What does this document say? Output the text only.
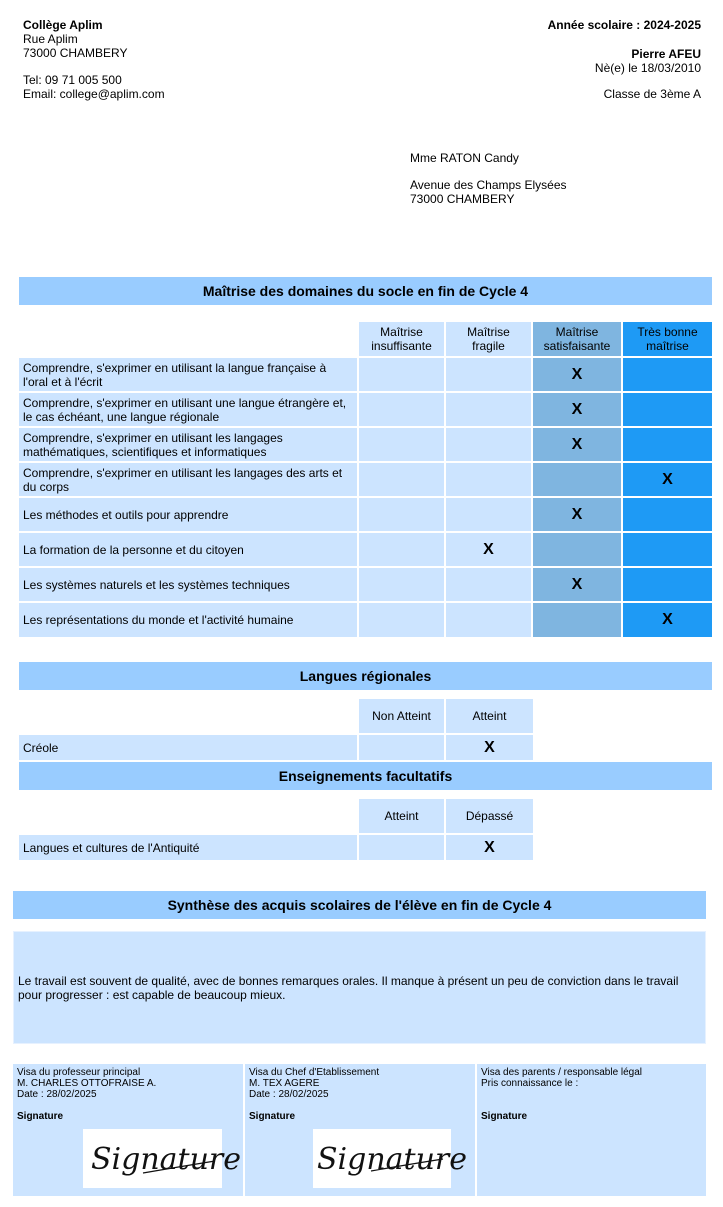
Collège Aplim
Rue Aplim
73000 CHAMBERY
Tel: 09 71 005 500
Email: college@aplim.com
Année scolaire : 2024-2025
Pierre AFEU
Nè(e) le 18/03/2010
Classe de 3ème A
Mme RATON Candy
Avenue des Champs Elysées
73000 CHAMBERY
Maîtrise des domaines du socle en fin de Cycle 4

	Maîtrise
insuffisante	Maîtrise
fragile	Maîtrise
satisfaisante	Très bonne
maîtrise

Comprendre, s'exprimer en utilisant la langue française à
l'oral et à l'écrit			X	

Comprendre, s'exprimer en utilisant une langue étrangère et,
le cas échéant, une langue régionale			X	

Comprendre, s'exprimer en utilisant les langages
mathématiques, scientifiques et informatiques			X	

Comprendre, s'exprimer en utilisant les langages des arts et
du corps				X

Les méthodes et outils pour apprendre			X	

La formation de la personne et du citoyen		X		

Les systèmes naturels et les systèmes techniques			X	

Les représentations du monde et l'activité humaine				X
Langues régionales
	Non Atteint	Atteint
Créole		X
Enseignements facultatifs
	Atteint	Dépassé
Langues et cultures de l'Antiquité		X
Synthèse des acquis scolaires de l'élève en fin de Cycle 4
Le travail est souvent de qualité, avec de bonnes remarques orales. Il manque à présent un peu de conviction dans le travail
pour progresser : est capable de beaucoup mieux.
Visa du professeur principal
M. CHARLES OTTOFRAISE A.
Date : 28/02/2025
Signature
Signature
Visa du Chef d'Etablissement
M. TEX AGERE
Date : 28/02/2025
Signature
Signature
Visa des parents / responsable légal
Pris connaissance le :
Signature
